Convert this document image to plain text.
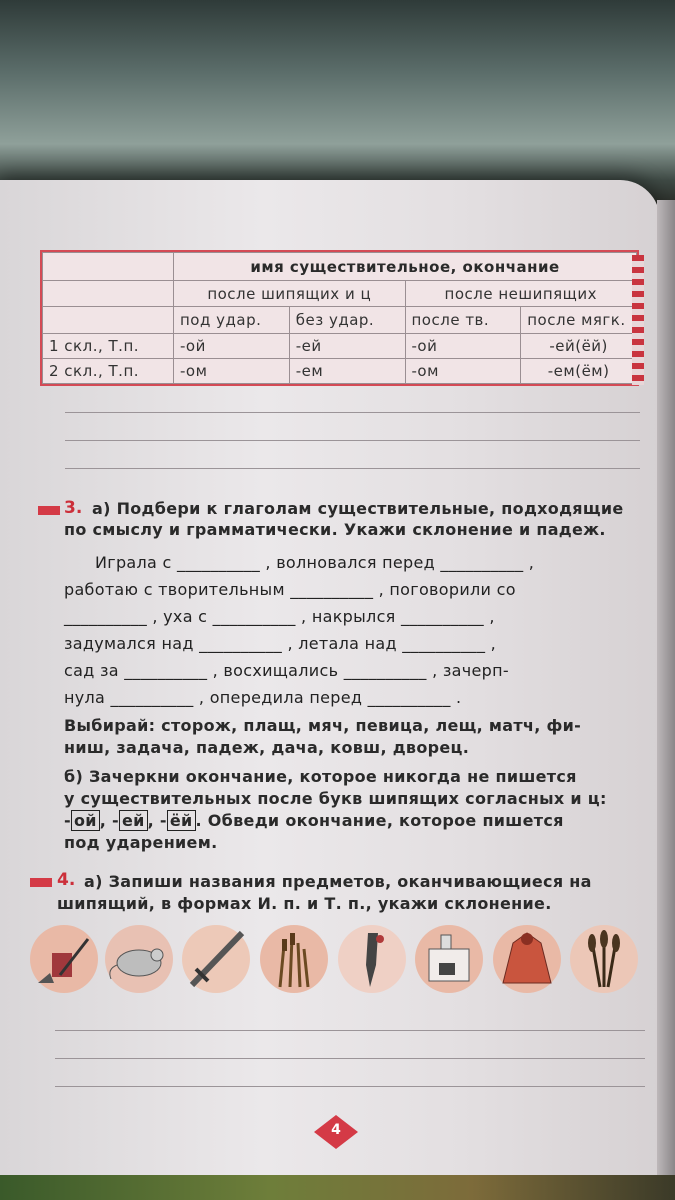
	имя существительное, окончание			
	после шипящих и ц		после нешипящих	
	под удар.	без удар.	после тв.	после мягк.
1 скл., Т.п.	-ой	-ей	-ой	-ей(ёй)
2 скл., Т.п.	-ом	-ем	-ом	-ем(ём)
3. а) Подбери к глаголам существительные, подходящие
по смыслу и грамматически. Укажи склонение и падеж.
Играла с __________ , волновался перед __________ ,
работаю с творительным __________ , поговорили со
__________ , уха с __________ , накрылся __________ ,
задумался над __________ , летала над __________ ,
сад за __________ , восхищались __________ , зачерп-
нула __________ , опередила перед __________ .
Выбирай: сторож, плащ, мяч, певица, лещ, матч, фи-
ниш, задача, падеж, дача, ковш, дворец.
б) Зачеркни окончание, которое никогда не пишется
у существительных после букв шипящих согласных и ц:
- ой , - ей , - ёй . Обведи окончание, которое пишется
под ударением.
4. а) Запиши названия предметов, оканчивающиеся на
шипящий, в формах И. п. и Т. п., укажи склонение.
4
